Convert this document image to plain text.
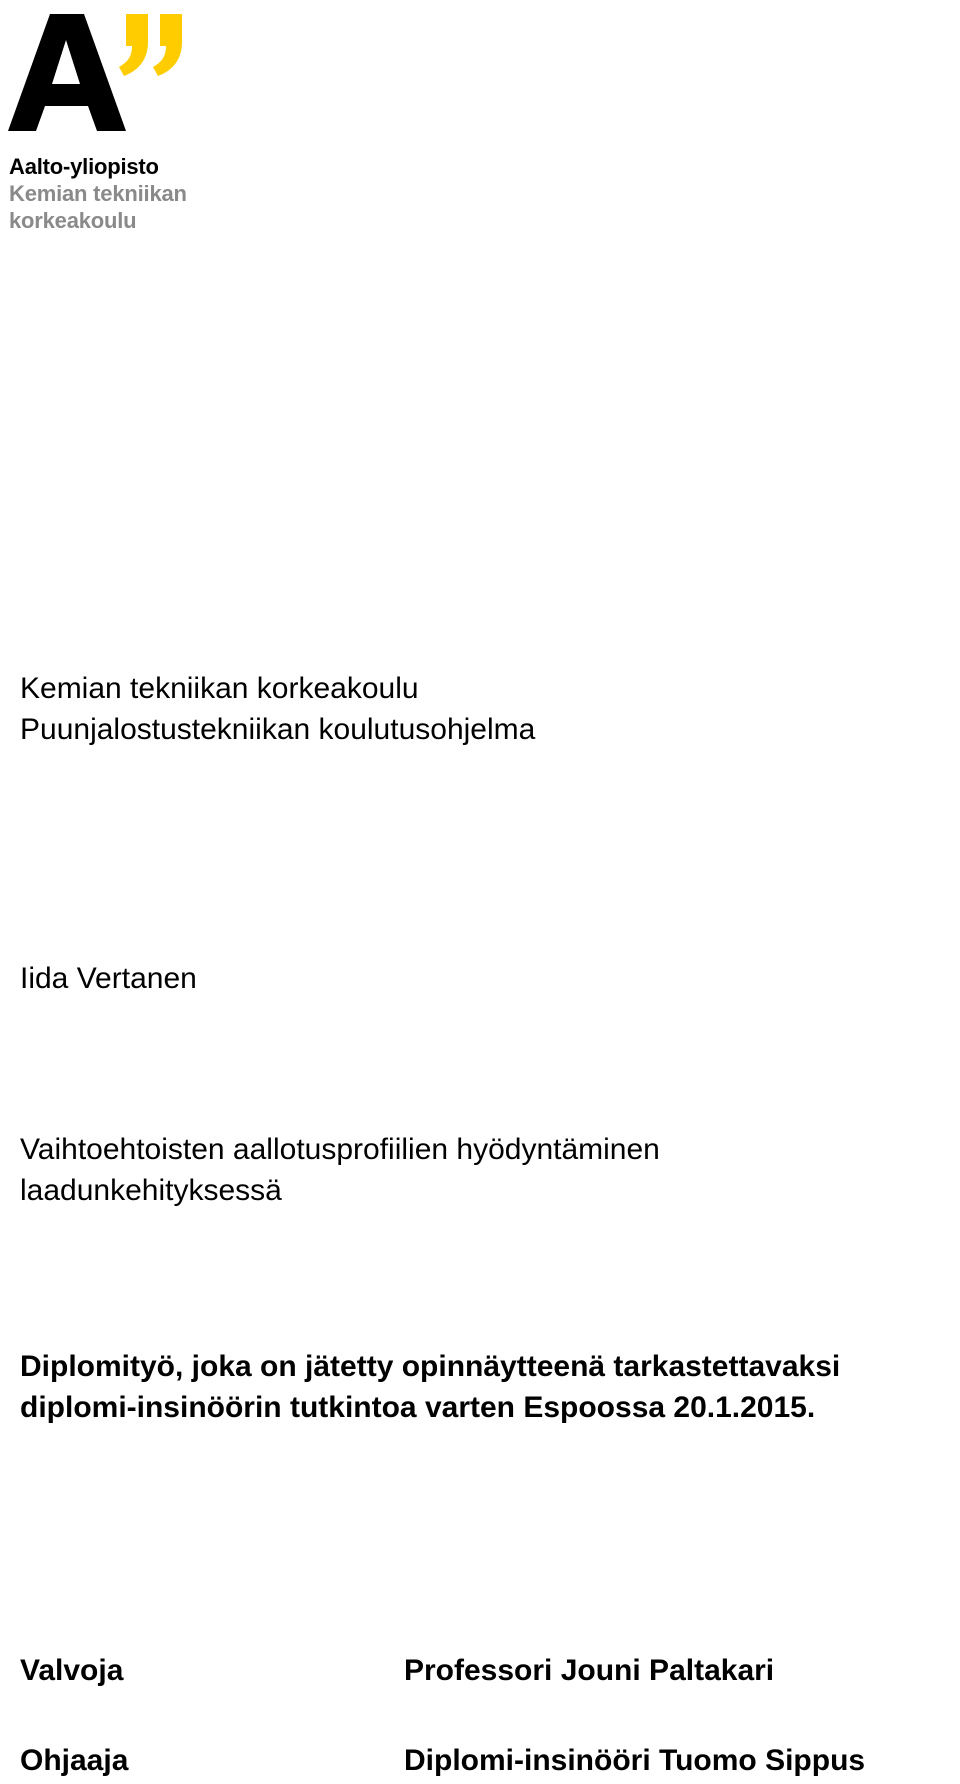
Aalto-yliopisto
Kemian tekniikan
korkeakoulu
Kemian tekniikan korkeakoulu
Puunjalostustekniikan koulutusohjelma
Iida Vertanen
Vaihtoehtoisten aallotusprofiilien hyödyntäminen
laadunkehityksessä
Diplomityö, joka on jätetty opinnäytteenä tarkastettavaksi
diplomi-insinöörin tutkintoa varten Espoossa 20.1.2015.
Valvoja	Professori Jouni Paltakari
Ohjaaja	Diplomi-insinööri Tuomo Sippus
